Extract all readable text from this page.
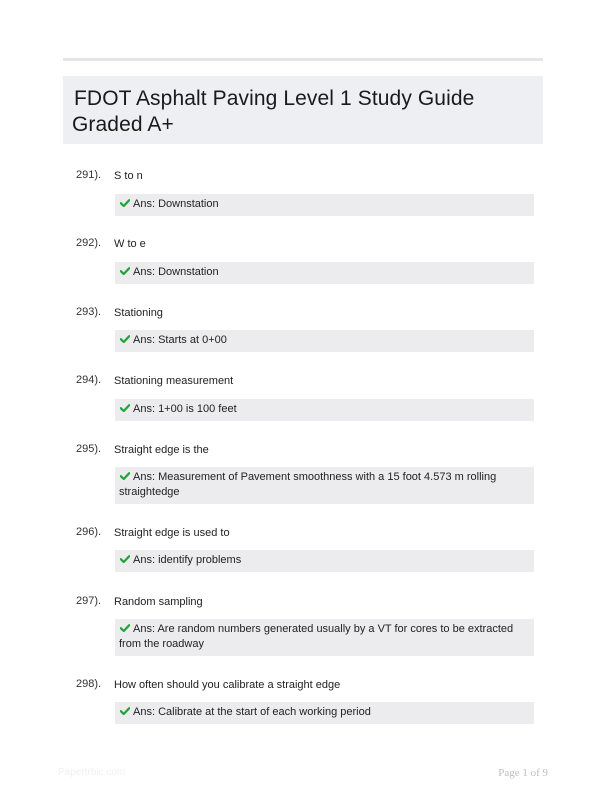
FDOT Asphalt Paving Level 1 Study Guide
Graded A+
291). S to n
Ans: Downstation
292). W to e
Ans: Downstation
293). Stationing
Ans: Starts at 0+00
294). Stationing measurement
Ans: 1+00 is 100 feet
295). Straight edge is the
Ans: Measurement of Pavement smoothness with a 15 foot 4.573 m rolling straightedge
296). Straight edge is used to
Ans: identify problems
297). Random sampling
Ans: Are random numbers generated usually by a VT for cores to be extracted from the roadway
298). How often should you calibrate a straight edge
Ans: Calibrate at the start of each working period
Papertrbic.com	Page 1 of 9
